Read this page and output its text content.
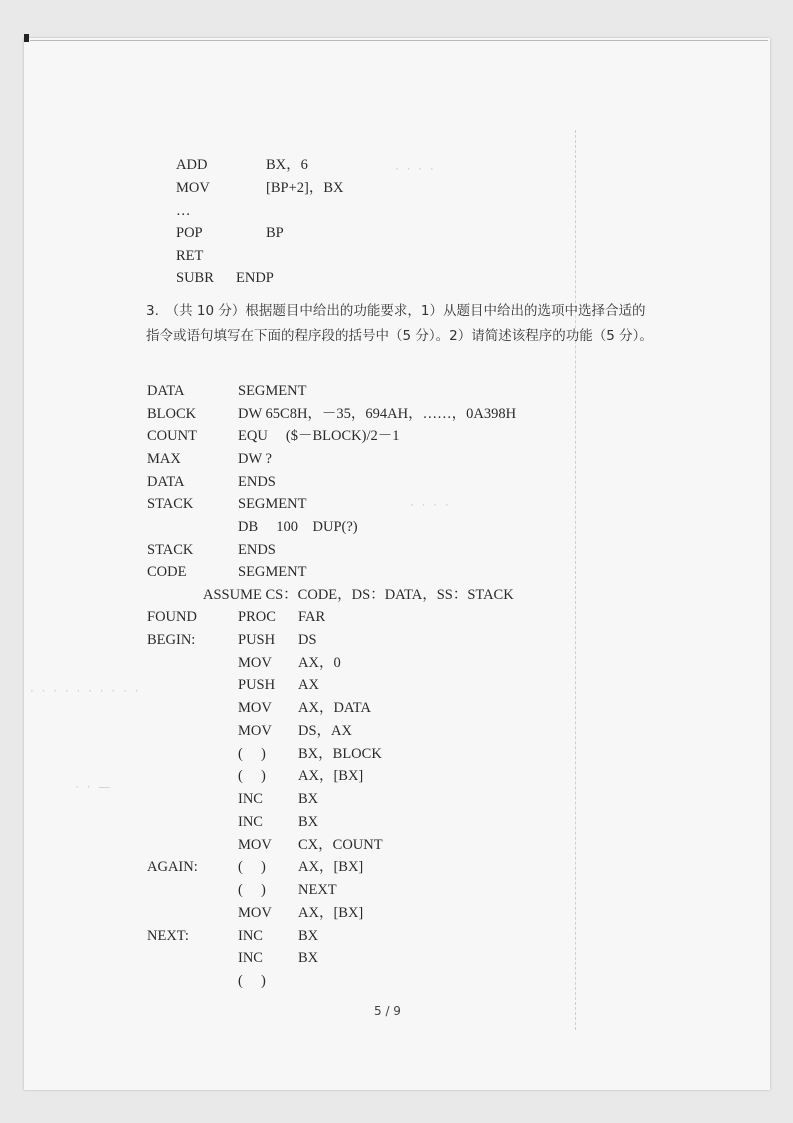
· · · ·
· · · ·
· · · · · · · · · ·
· · —
ADD	BX，6
MOV	[BP+2]，BX
…
POP	BP
RET
SUBR ENDP
3.　（共 10 分）根据题目中给出的功能要求，1）从题目中给出的选项中选择合适的指令或语句填写在下面的程序段的括号中（5 分）。2）请简述该程序的功能（5 分）。
DATA	SEGMENT
BLOCK	DW 65C8H，－35，694AH，……，0A398H
COUNT	EQU　 ($－BLOCK)/2－1
MAX	DW ?
DATA	ENDS
STACK	SEGMENT
DB　 100　DUP(?)
STACK	ENDS
CODE	SEGMENT
ASSUME CS：CODE，DS：DATA，SS：STACK
FOUND	PROC FAR
BEGIN:	PUSH DS
MOV AX，0
PUSH AX
MOV AX，DATA
MOV DS，AX
(　 ) BX，BLOCK
(　 ) AX，[BX]
INC BX
INC BX
MOV CX，COUNT
AGAIN:	(　 ) AX，[BX]
(　 ) NEXT
MOV AX，[BX]
NEXT:	INC BX
INC BX
(　 )
5 / 9
